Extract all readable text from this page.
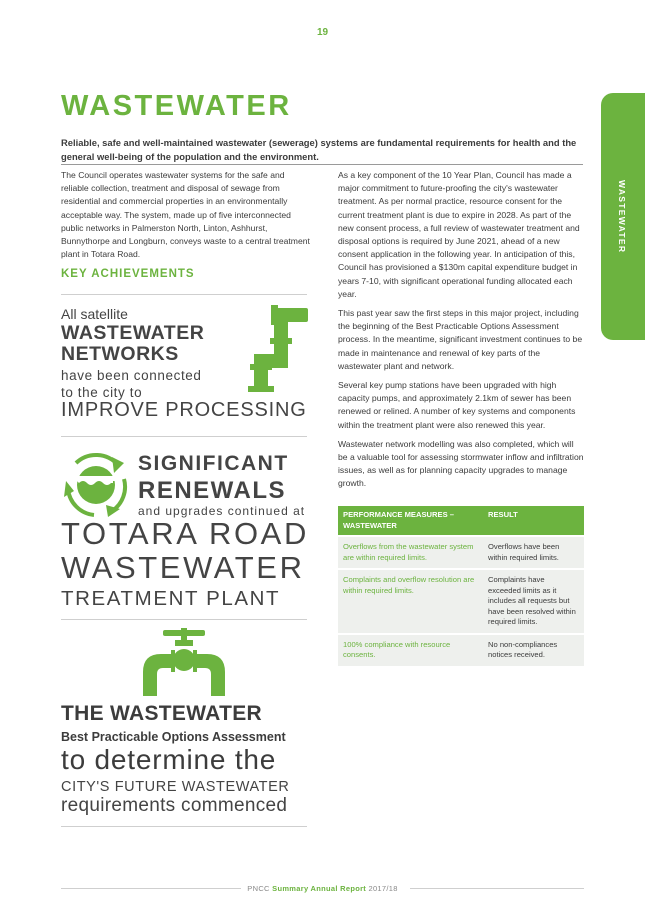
19
WASTEWATER
WASTEWATER
Reliable, safe and well-maintained wastewater (sewerage) systems are fundamental requirements for health and the general well-being of the population and the environment.
The Council operates wastewater systems for the safe and reliable collection, treatment and disposal of sewage from residential and commercial properties in an environmentally acceptable way. The system, made up of five interconnected public networks in Palmerston North, Linton, Ashhurst, Bunnythorpe and Longburn, conveys waste to a central treatment plant in Totara Road.
KEY ACHIEVEMENTS
All satellite
WASTEWATER
NETWORKS
have been connected
to the city to
IMPROVE PROCESSING
SIGNIFICANT
RENEWALS
and upgrades continued at
TOTARA ROAD
WASTEWATER
TREATMENT PLANT
THE WASTEWATER
Best Practicable Options Assessment
to determine the
CITY'S FUTURE WASTEWATER
requirements commenced

As a key component of the 10 Year Plan, Council has made a major commitment to future-proofing the city's wastewater treatment. As per normal practice, resource consent for the current treatment plant is due to expire in 2028. As part of the new consent process, a full review of wastewater treatment and disposal options is required by June 2021, ahead of a new consent application in the following year. In anticipation of this, Council has provisioned a $130m capital expenditure budget in years 7-10, with significant operational funding allocated each year.

This past year saw the first steps in this major project, including the beginning of the Best Practicable Options Assessment process. In the meantime, significant investment continues to be made in maintenance and renewal of key parts of the wastewater plant and network.

Several key pump stations have been upgraded with high capacity pumps, and approximately 2.1km of sewer has been renewed or relined. A number of key systems and components within the treatment plant were also renewed this year.

Wastewater network modelling was also completed, which will be a valuable tool for assessing stormwater inflow and infiltration issues, as well as for planning capacity upgrades to manage growth.

PERFORMANCE MEASURES – WASTEWATER	RESULT
Overflows from the wastewater system are within required limits.	Overflows have been within required limits.
Complaints and overflow resolution are within required limits.	Complaints have exceeded limits as it includes all requests but have been resolved within required limits.
100% compliance with resource consents.	No non-compliances notices received.
PNCC Summary Annual Report 2017/18
